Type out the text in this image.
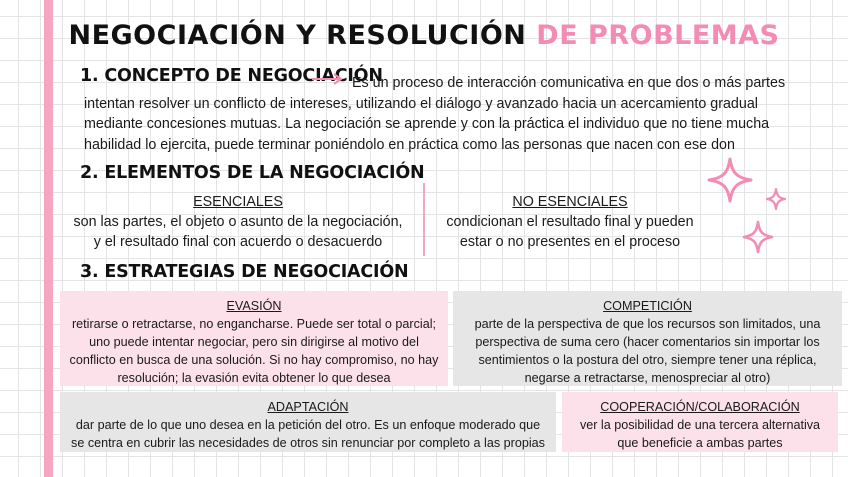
NEGOCIACIÓN Y RESOLUCIÓN DE PROBLEMAS
1. CONCEPTO DE NEGOCIACIÓN
Es un proceso de interacción comunicativa en que dos o más partes
intentan resolver un conflicto de intereses, utilizando el diálogo y avanzado hacia un acercamiento gradual
mediante concesiones mutuas. La negociación se aprende y con la práctica el individuo que no tiene mucha
habilidad lo ejercita, puede terminar poniéndolo en práctica como las personas que nacen con ese don
2. ELEMENTOS DE LA NEGOCIACIÓN
ESENCIALES
son las partes, el objeto o asunto de la negociación,
y el resultado final con acuerdo o desacuerdo
NO ESENCIALES
condicionan el resultado final y pueden
estar o no presentes en el proceso
3. ESTRATEGIAS DE NEGOCIACIÓN
EVASIÓN
retirarse o retractarse, no engancharse. Puede ser total o parcial;
uno puede intentar negociar, pero sin dirigirse al motivo del
conflicto en busca de una solución. Si no hay compromiso, no hay
resolución; la evasión evita obtener lo que desea
COMPETICIÓN
parte de la perspectiva de que los recursos son limitados, una
perspectiva de suma cero (hacer comentarios sin importar los
sentimientos o la postura del otro, siempre tener una réplica,
negarse a retractarse, menospreciar al otro)
ADAPTACIÓN
dar parte de lo que uno desea en la petición del otro. Es un enfoque moderado que
se centra en cubrir las necesidades de otros sin renunciar por completo a las propias
COOPERACIÓN/COLABORACIÓN
ver la posibilidad de una tercera alternativa
que beneficie a ambas partes
